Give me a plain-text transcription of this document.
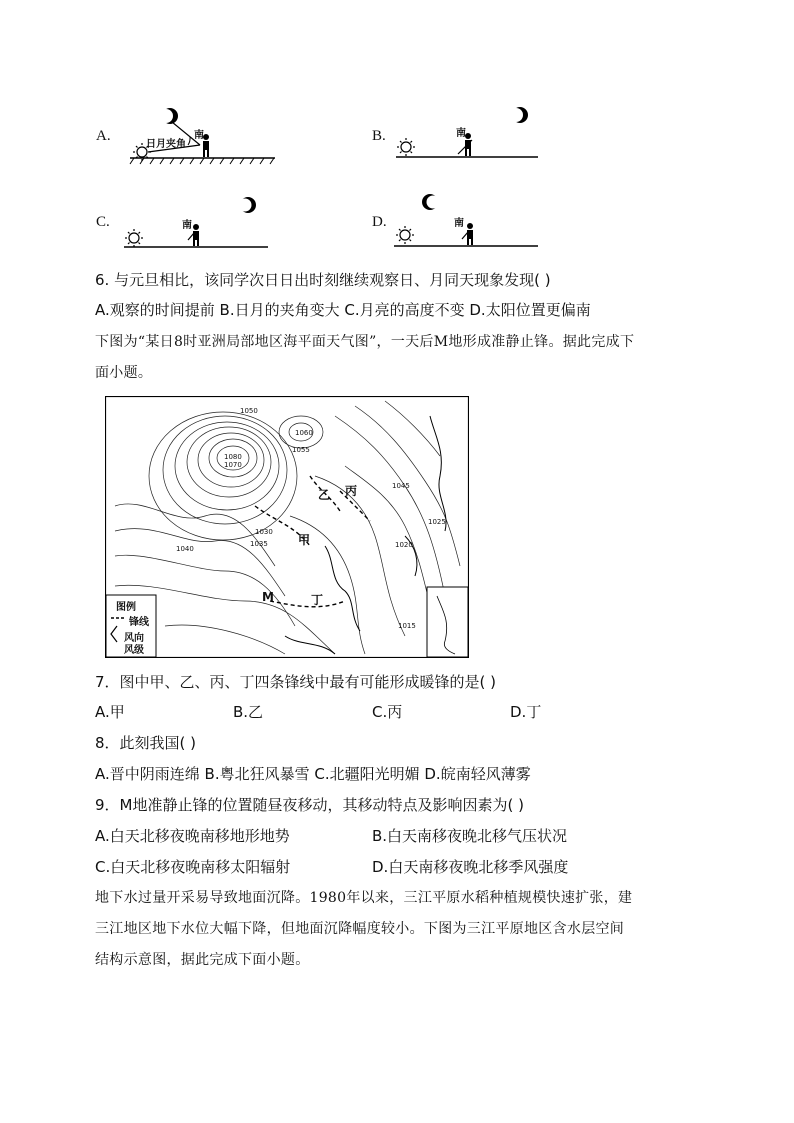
A.
日月夹角
南	B.	南
C.	南	D.	南
6. 与元旦相比，该同学次日日出时刻继续观察日、月同天现象发现( )
A.观察的时间提前 B.日月的夹角变大 C.月亮的高度不变 D.太阳位置更偏南
下图为“某日8时亚洲局部地区海平面天气图”，一天后M地形成准静止锋。据此完成下
面小题。
图例
锋线
风向
风级
甲
乙 丙
丁
M
1080
1070
1060
1055
1040
1035
1030
1025
1015
1050
1045
1020
7．图中甲、乙、丙、丁四条锋线中最有可能形成暖锋的是( )
A.甲	B.乙	C.丙	D.丁
8．此刻我国( )
A.晋中阴雨连绵 B.粤北狂风暴雪 C.北疆阳光明媚 D.皖南轻风薄雾
9．M地准静止锋的位置随昼夜移动，其移动特点及影响因素为( )
A.白天北移夜晚南移地形地势	B.白天南移夜晚北移气压状况
C.白天北移夜晚南移太阳辐射	D.白天南移夜晚北移季风强度
地下水过量开采易导致地面沉降。1980年以来，三江平原水稻种植规模快速扩张，建
三江地区地下水位大幅下降，但地面沉降幅度较小。下图为三江平原地区含水层空间
结构示意图，据此完成下面小题。
